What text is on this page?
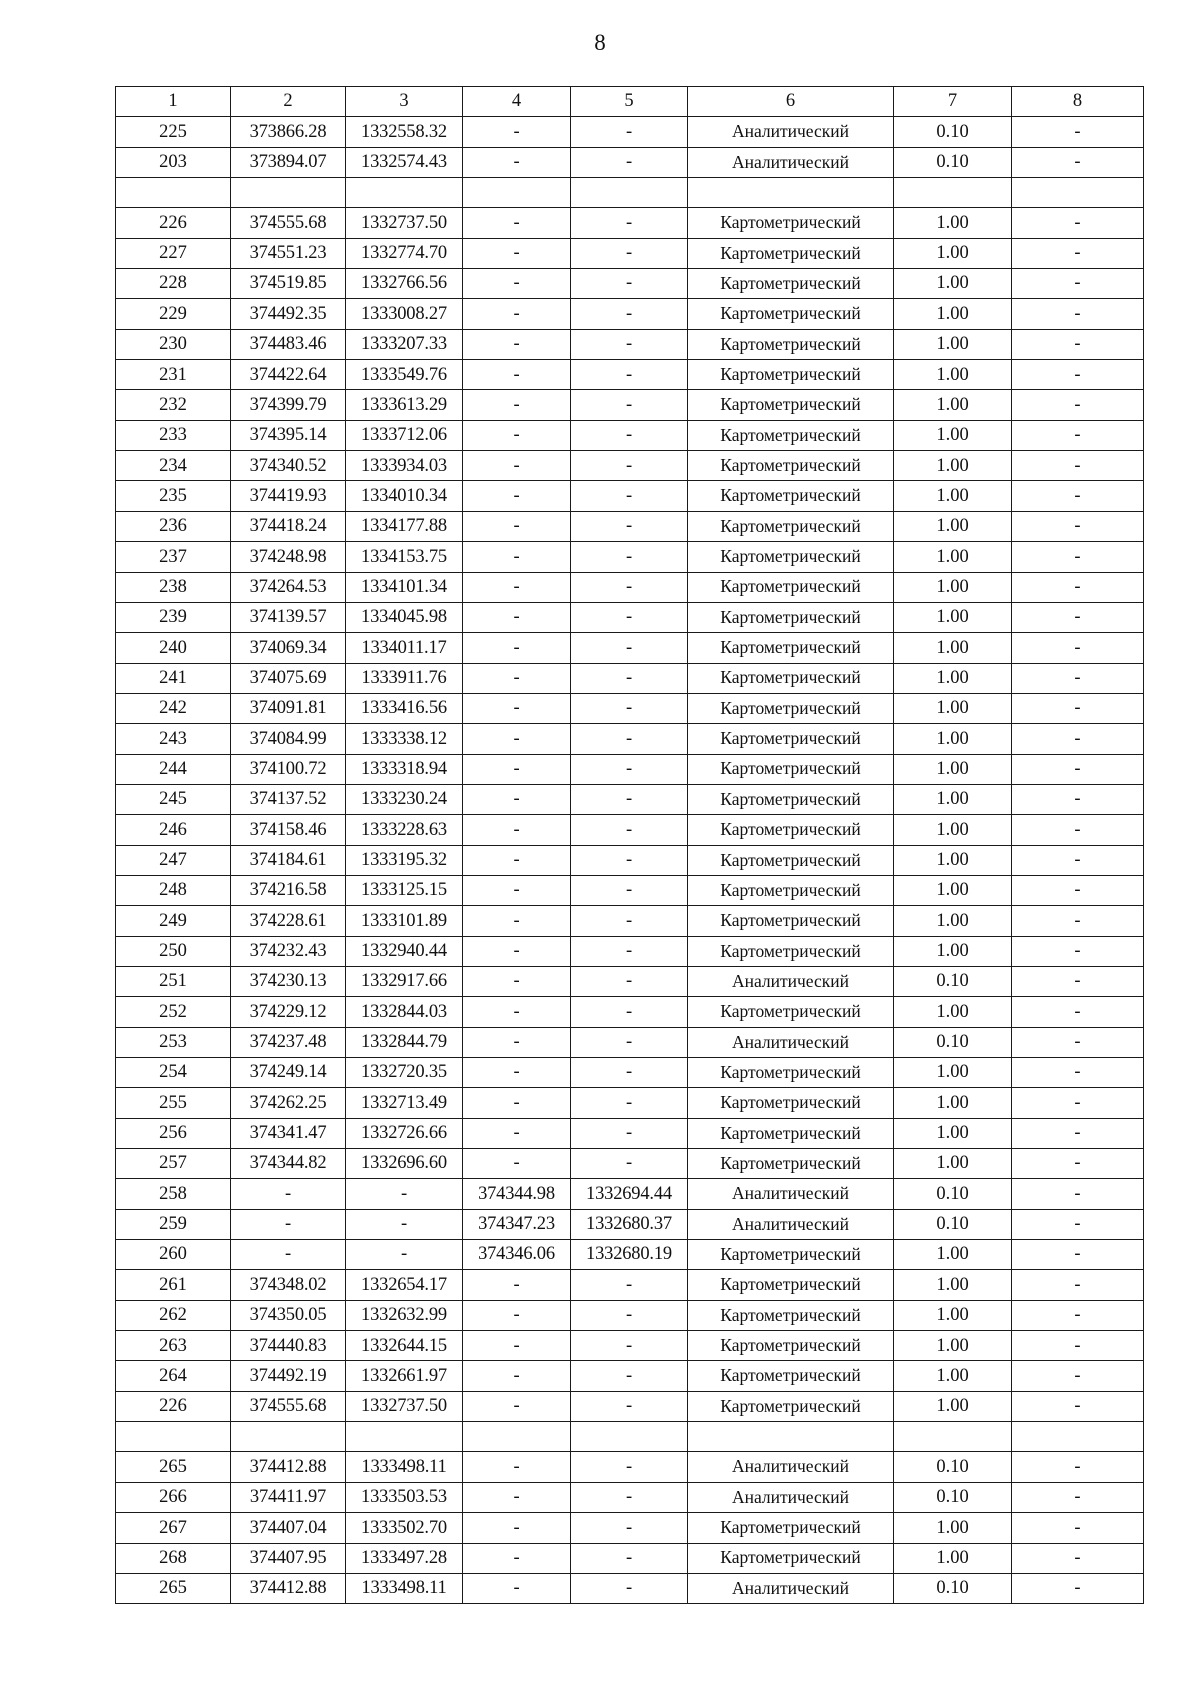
8
1	2	3	4	5	6	7	8
225	373866.28	1332558.32	-	-	Аналитический	0.10	-
203	373894.07	1332574.43	-	-	Аналитический	0.10	-

226	374555.68	1332737.50	-	-	Картометрический	1.00	-
227	374551.23	1332774.70	-	-	Картометрический	1.00	-
228	374519.85	1332766.56	-	-	Картометрический	1.00	-
229	374492.35	1333008.27	-	-	Картометрический	1.00	-
230	374483.46	1333207.33	-	-	Картометрический	1.00	-
231	374422.64	1333549.76	-	-	Картометрический	1.00	-
232	374399.79	1333613.29	-	-	Картометрический	1.00	-
233	374395.14	1333712.06	-	-	Картометрический	1.00	-
234	374340.52	1333934.03	-	-	Картометрический	1.00	-
235	374419.93	1334010.34	-	-	Картометрический	1.00	-
236	374418.24	1334177.88	-	-	Картометрический	1.00	-
237	374248.98	1334153.75	-	-	Картометрический	1.00	-
238	374264.53	1334101.34	-	-	Картометрический	1.00	-
239	374139.57	1334045.98	-	-	Картометрический	1.00	-
240	374069.34	1334011.17	-	-	Картометрический	1.00	-
241	374075.69	1333911.76	-	-	Картометрический	1.00	-
242	374091.81	1333416.56	-	-	Картометрический	1.00	-
243	374084.99	1333338.12	-	-	Картометрический	1.00	-
244	374100.72	1333318.94	-	-	Картометрический	1.00	-
245	374137.52	1333230.24	-	-	Картометрический	1.00	-
246	374158.46	1333228.63	-	-	Картометрический	1.00	-
247	374184.61	1333195.32	-	-	Картометрический	1.00	-
248	374216.58	1333125.15	-	-	Картометрический	1.00	-
249	374228.61	1333101.89	-	-	Картометрический	1.00	-
250	374232.43	1332940.44	-	-	Картометрический	1.00	-
251	374230.13	1332917.66	-	-	Аналитический	0.10	-
252	374229.12	1332844.03	-	-	Картометрический	1.00	-
253	374237.48	1332844.79	-	-	Аналитический	0.10	-
254	374249.14	1332720.35	-	-	Картометрический	1.00	-
255	374262.25	1332713.49	-	-	Картометрический	1.00	-
256	374341.47	1332726.66	-	-	Картометрический	1.00	-
257	374344.82	1332696.60	-	-	Картометрический	1.00	-
258	-	-	374344.98	1332694.44	Аналитический	0.10	-
259	-	-	374347.23	1332680.37	Аналитический	0.10	-
260	-	-	374346.06	1332680.19	Картометрический	1.00	-
261	374348.02	1332654.17	-	-	Картометрический	1.00	-
262	374350.05	1332632.99	-	-	Картометрический	1.00	-
263	374440.83	1332644.15	-	-	Картометрический	1.00	-
264	374492.19	1332661.97	-	-	Картометрический	1.00	-
226	374555.68	1332737.50	-	-	Картометрический	1.00	-

265	374412.88	1333498.11	-	-	Аналитический	0.10	-
266	374411.97	1333503.53	-	-	Аналитический	0.10	-
267	374407.04	1333502.70	-	-	Картометрический	1.00	-
268	374407.95	1333497.28	-	-	Картометрический	1.00	-
265	374412.88	1333498.11	-	-	Аналитический	0.10	-
